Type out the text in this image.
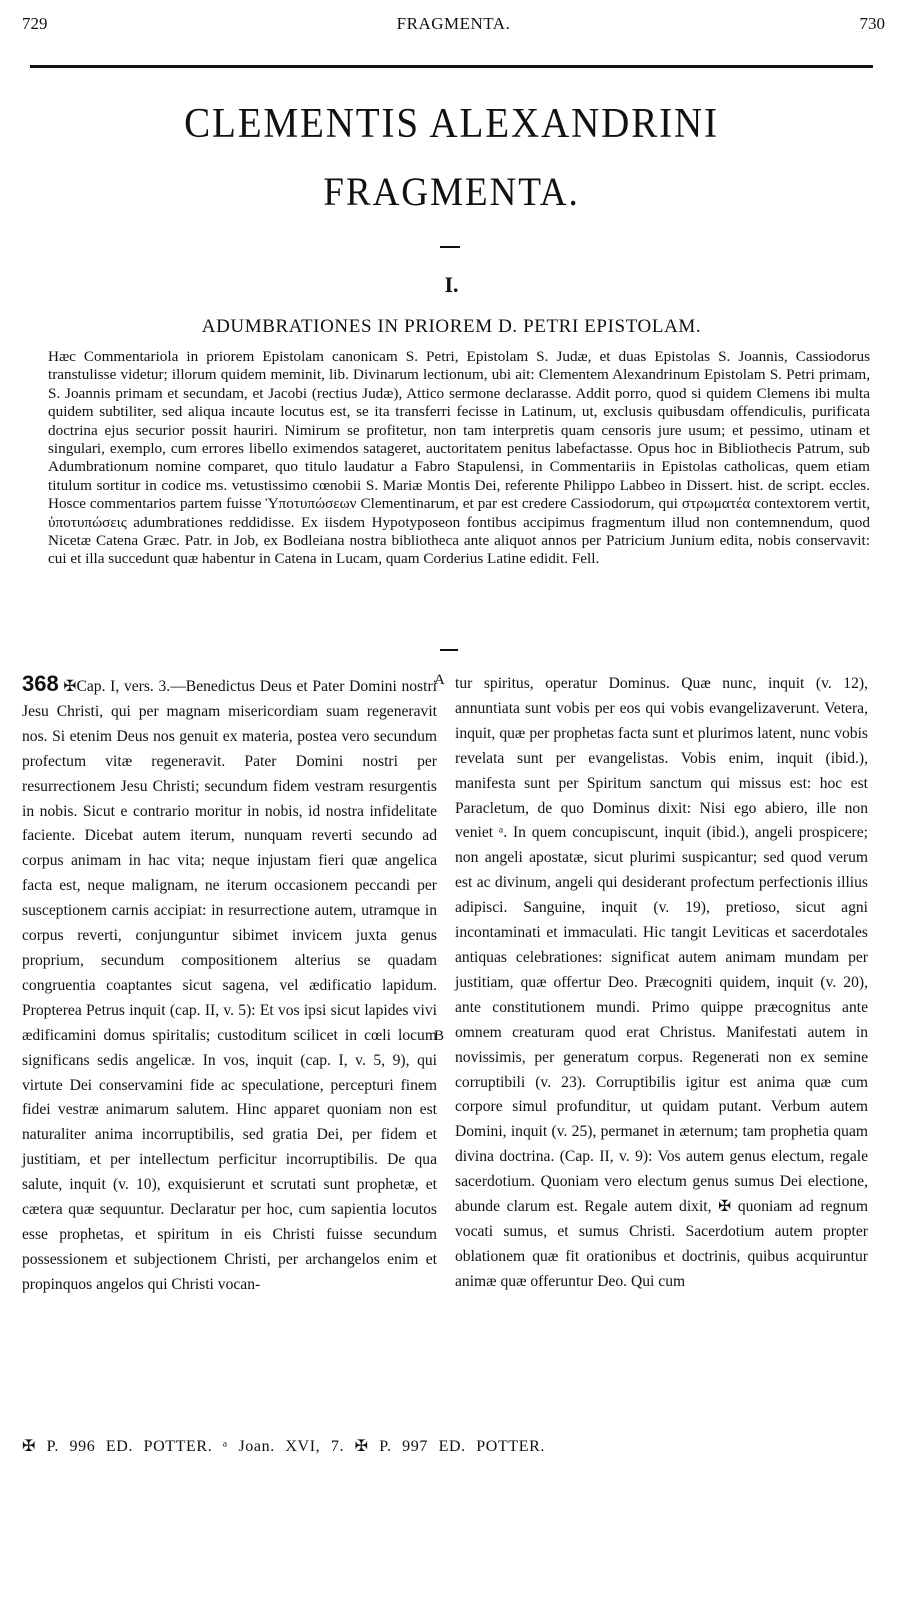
729	FRAGMENTA.	730
CLEMENTIS ALEXANDRINI
FRAGMENTA.
I.
ADUMBRATIONES IN PRIOREM D. PETRI EPISTOLAM.

Hæc Commentariola in priorem Epistolam canonicam S. Petri, Epistolam S. Judæ, et duas Epistolas S. Joannis, Cassiodorus transtulisse videtur; illorum quidem meminit, lib. Divinarum lectionum, ubi ait: Clementem Alexandrinum Epistolam S. Petri primam, S. Joannis primam et secundam, et Jacobi (rectius Judæ), Attico sermone declarasse. Addit porro, quod si quidem Clemens ibi multa quidem subtiliter, sed aliqua incaute locutus est, se ita transferri fecisse in Latinum, ut, exclusis quibusdam offendiculis, purificata doctrina ejus securior possit hauriri. Nimirum se profitetur, non tam interpretis quam censoris jure usum; et pessimo, utinam et singulari, exemplo, cum errores libello eximendos satageret, auctoritatem penitus labefactasse. Opus hoc in Bibliothecis Patrum, sub Adumbrationum nomine comparet, quo titulo laudatur a Fabro Stapulensi, in Commentariis in Epistolas catholicas, quem etiam titulum sortitur in codice ms. vetustissimo cœnobii S. Mariæ Montis Dei, referente Philippo Labbeo in Dissert. hist. de script. eccles. Hosce commentarios partem fuisse Ὑποτυπώσεων Clementinarum, et par est credere Cassiodorum, qui στρωματέα contextorem vertit, ὑποτυπώσεις adumbrationes reddidisse. Ex iisdem Hypotyposeon fontibus accipimus fragmentum illud non contemnendum, quod Nicetæ Catena Græc. Patr. in Job, ex Bodleiana nostra bibliotheca ante aliquot annos per Patricium Junium edita, nobis conservavit: cui et illa succedunt quæ habentur in Catena in Lucam, quam Corderius Latine edidit. Fell.

368 ✠Cap. I, vers. 3.—Benedictus Deus et Pater Domini nostri Jesu Christi, qui per magnam misericordiam suam regeneravit nos. Si etenim Deus nos genuit ex materia, postea vero secundum profectum vitæ regeneravit. Pater Domini nostri per resurrectionem Jesu Christi; secundum fidem vestram resurgentis in nobis. Sicut e contrario moritur in nobis, id nostra infidelitate faciente. Dicebat autem iterum, nunquam reverti secundo ad corpus animam in hac vita; neque injustam fieri quæ angelica facta est, neque malignam, ne iterum occasionem peccandi per susceptionem carnis accipiat: in resurrectione autem, utramque in corpus reverti, conjunguntur sibimet invicem juxta genus proprium, secundum compositionem alterius se quadam congruentia coaptantes sicut sagena, vel ædificatio lapidum. Propterea Petrus inquit (cap. II, v. 5): Et vos ipsi sicut lapides vivi ædificamini domus spiritalis; custoditum scilicet in cœli locum significans sedis angelicæ. In vos, inquit (cap. I, v. 5, 9), qui virtute Dei conservamini fide ac speculatione, percepturi finem fidei vestræ animarum salutem. Hinc apparet quoniam non est naturaliter anima incorruptibilis, sed gratia Dei, per fidem et justitiam, et per intellectum perficitur incorruptibilis. De qua salute, inquit (v. 10), exquisierunt et scrutati sunt prophetæ, et cætera quæ sequuntur. Declaratur per hoc, cum sapientia locutos esse prophetas, et spiritum in eis Christi fuisse secundum possessionem et subjectionem Christi, per archangelos enim et propinquos angelos qui Christi vocan-

A
B

tur spiritus, operatur Dominus. Quæ nunc, inquit (v. 12), annuntiata sunt vobis per eos qui vobis evangelizaverunt. Vetera, inquit, quæ per prophetas facta sunt et plurimos latent, nunc vobis revelata sunt per evangelistas. Vobis enim, inquit (ibid.), manifesta sunt per Spiritum sanctum qui missus est: hoc est Paracletum, de quo Dominus dixit: Nisi ego abiero, ille non veniet ᵃ. In quem concupiscunt, inquit (ibid.), angeli prospicere; non angeli apostatæ, sicut plurimi suspicantur; sed quod verum est ac divinum, angeli qui desiderant profectum perfectionis illius adipisci. Sanguine, inquit (v. 19), pretioso, sicut agni incontaminati et immaculati. Hic tangit Leviticas et sacerdotales antiquas celebrationes: significat autem animam mundam per justitiam, quæ offertur Deo. Præcogniti quidem, inquit (v. 20), ante constitutionem mundi. Primo quippe præcognitus ante omnem creaturam quod erat Christus. Manifestati autem in novissimis, per generatum corpus. Regenerati non ex semine corruptibili (v. 23). Corruptibilis igitur est anima quæ cum corpore simul profunditur, ut quidam putant. Verbum autem Domini, inquit (v. 25), permanet in æternum; tam prophetia quam divina doctrina. (Cap. II, v. 9): Vos autem genus electum, regale sacerdotium. Quoniam vero electum genus sumus Dei electione, abunde clarum est. Regale autem dixit, ✠ quoniam ad regnum vocati sumus, et sumus Christi. Sacerdotium autem propter oblationem quæ fit orationibus et doctrinis, quibus acquiruntur animæ quæ offeruntur Deo. Qui cum

✠ P. 996 ED. POTTER. ᵃ Joan. XVI, 7. ✠ P. 997 ED. POTTER.
